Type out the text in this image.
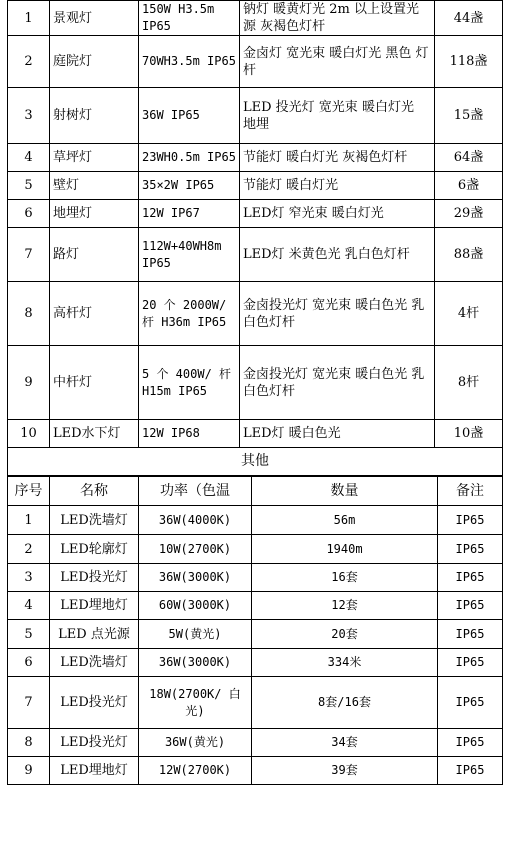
1	景观灯	150W H3.5m IP65	钠灯 暖黄灯光 2m 以上设置光源 灰褐色灯杆	44盏
2	庭院灯	70WH3.5m IP65	金卤灯 宽光束 暖白灯光 黑色 灯杆	118盏
3	射树灯	36W IP65	LED 投光灯 宽光束 暖白灯光 地埋	15盏
4	草坪灯	23WH0.5m IP65	节能灯 暖白灯光 灰褐色灯杆	64盏
5	壁灯	35×2W IP65	节能灯 暖白灯光	6盏
6	地埋灯	12W IP67	LED灯 窄光束 暖白灯光	29盏
7	路灯	112W+40WH8m IP65	LED灯 米黄色光 乳白色灯杆	88盏
8	高杆灯	20 个 2000W/ 杆 H36m IP65	金卤投光灯 宽光束 暖白色光 乳白色灯杆	4杆
9	中杆灯	5 个 400W/ 杆 H15m IP65	金卤投光灯 宽光束 暖白色光 乳白色灯杆	8杆
10	LED水下灯	12W IP68	LED灯 暖白色光	10盏
其他				
序号	名称	功率（色温	数量	备注
1	LED洗墙灯	36W(4000K)	56m	IP65
2	LED轮廓灯	10W(2700K)	1940m	IP65
3	LED投光灯	36W(3000K)	16套	IP65
4	LED埋地灯	60W(3000K)	12套	IP65
5	LED 点光源	5W(黄光)	20套	IP65
6	LED洗墙灯	36W(3000K)	334米	IP65
7	LED投光灯	18W(2700K/ 白光)	8套/16套	IP65
8	LED投光灯	36W(黄光)	34套	IP65
9	LED埋地灯	12W(2700K)	39套	IP65
